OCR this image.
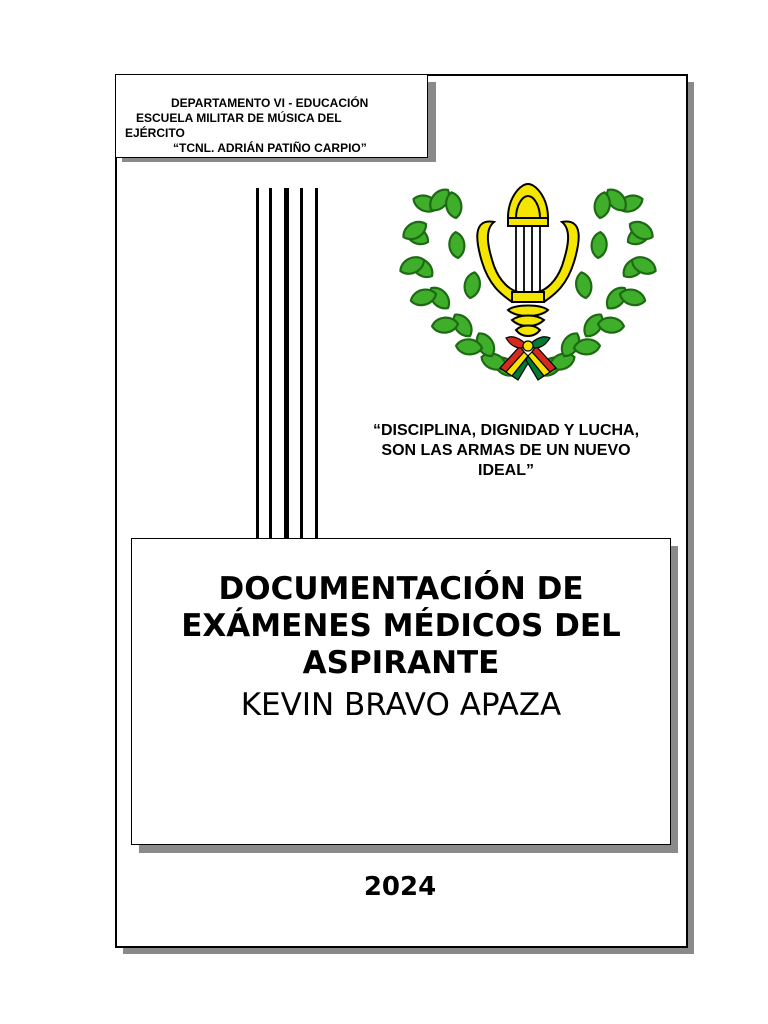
DEPARTAMENTO VI - EDUCACIÓN
ESCUELA MILITAR DE MÚSICA DEL
EJÉRCITO
“TCNL. ADRIÁN PATIÑO CARPIO”
“DISCIPLINA, DIGNIDAD Y LUCHA,
SON LAS ARMAS DE UN NUEVO
IDEAL”
DOCUMENTACIÓN DE
EXÁMENES MÉDICOS DEL
ASPIRANTE
KEVIN BRAVO APAZA
2024
